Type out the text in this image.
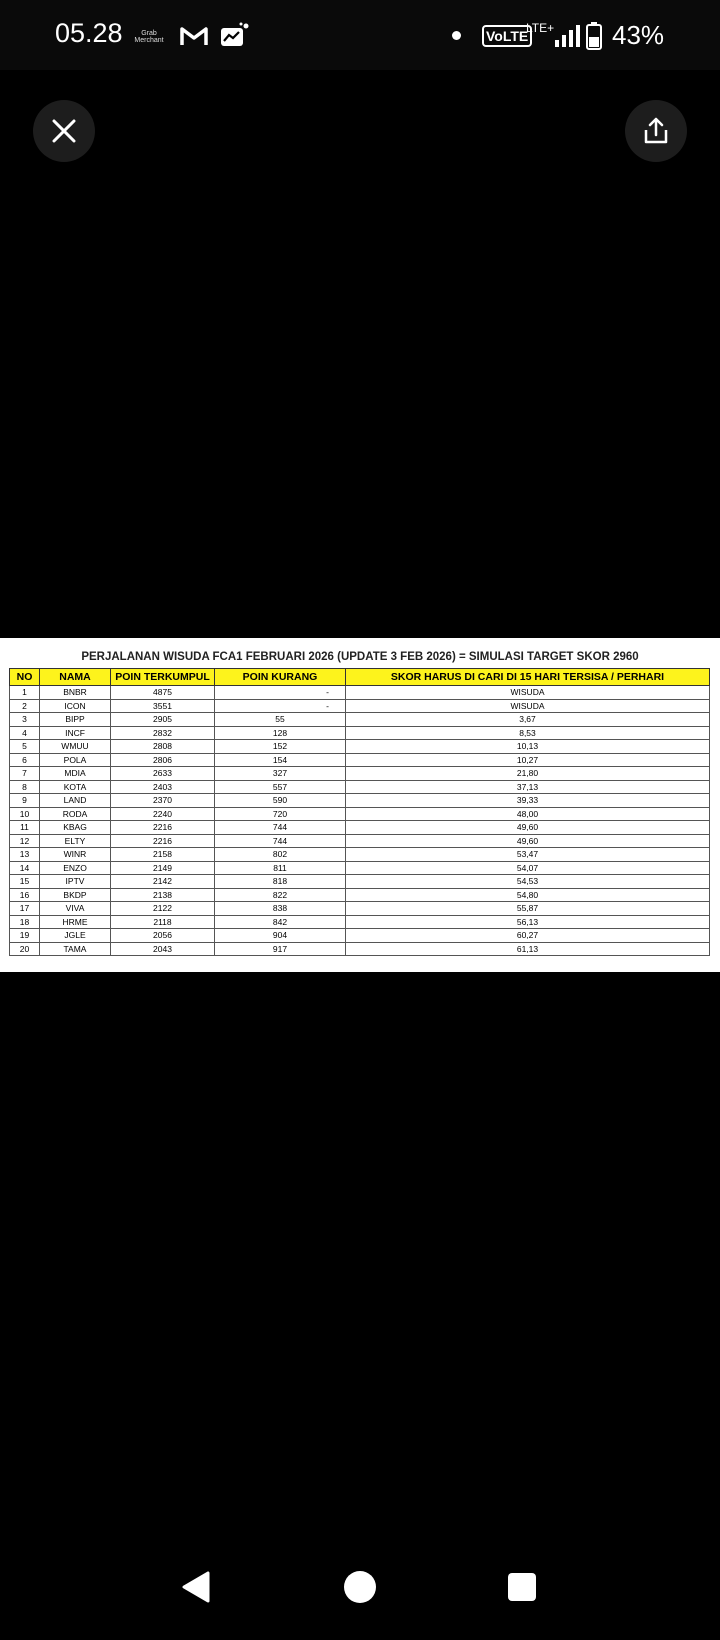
05.28	Grab Merchant	VoLTE
LTE+ 43%
PERJALANAN WISUDA FCA1 FEBRUARI 2026 (UPDATE 3 FEB 2026) = SIMULASI TARGET SKOR 2960
NO	NAMA	POIN TERKUMPUL	POIN KURANG	SKOR HARUS DI CARI DI 15 HARI TERSISA / PERHARI
1	BNBR	4875	-	WISUDA
2	ICON	3551	-	WISUDA
3	BIPP	2905	55	3,67
4	INCF	2832	128	8,53
5	WMUU	2808	152	10,13
6	POLA	2806	154	10,27
7	MDIA	2633	327	21,80
8	KOTA	2403	557	37,13
9	LAND	2370	590	39,33
10	RODA	2240	720	48,00
11	KBAG	2216	744	49,60
12	ELTY	2216	744	49,60
13	WINR	2158	802	53,47
14	ENZO	2149	811	54,07
15	IPTV	2142	818	54,53
16	BKDP	2138	822	54,80
17	VIVA	2122	838	55,87
18	HRME	2118	842	56,13
19	JGLE	2056	904	60,27
20	TAMA	2043	917	61,13
